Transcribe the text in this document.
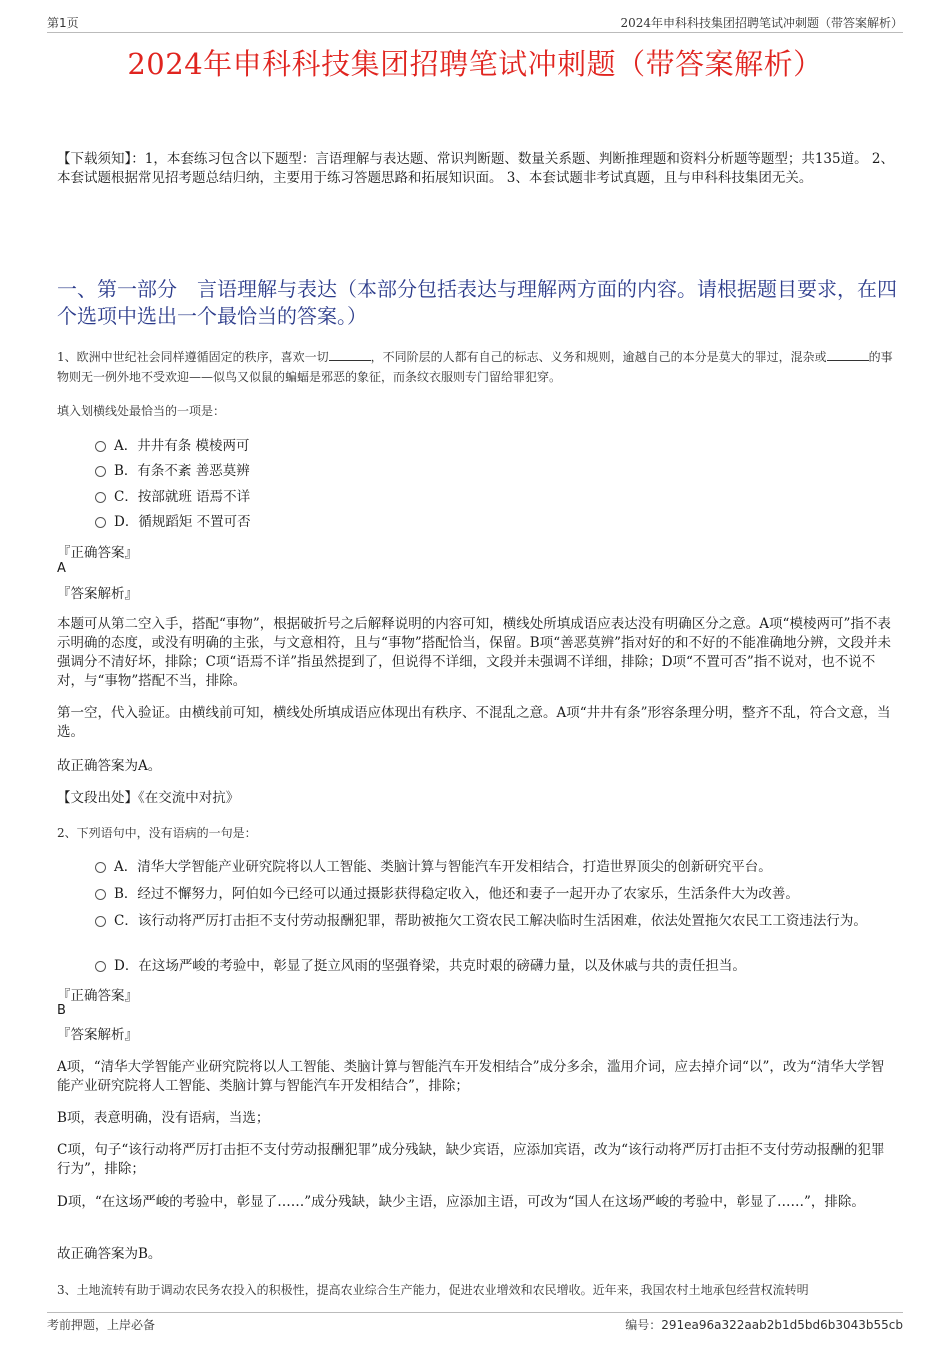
第1页	2024年申科科技集团招聘笔试冲刺题（带答案解析）
2024年申科科技集团招聘笔试冲刺题（带答案解析）
【下载须知】：1，本套练习包含以下题型：言语理解与表达题、常识判断题、数量关系题、判断推理题和资料分析题等题型；共135道。 2、本套试题根据常见招考题总结归纳，主要用于练习答题思路和拓展知识面。 3、本套试题非考试真题，且与申科科技集团无关。
一、第一部分　言语理解与表达（本部分包括表达与理解两方面的内容。请根据题目要求，在四个选项中选出一个最恰当的答案。）
1、欧洲中世纪社会同样遵循固定的秩序，喜欢一切	，不同阶层的人都有自己的标志、义务和规则，逾越自己的本分是莫大的罪过，混杂或	的事物则无一例外地不受欢迎——似鸟又似鼠的蝙蝠是邪恶的象征，而条纹衣服则专门留给罪犯穿。
填入划横线处最恰当的一项是：
A．井井有条 模棱两可
B．有条不紊 善恶莫辨
C．按部就班 语焉不详
D．循规蹈矩 不置可否
『正确答案』
A
『答案解析』
本题可从第二空入手，搭配“事物”，根据破折号之后解释说明的内容可知，横线处所填成语应表达没有明确区分之意。A项“模棱两可”指不表示明确的态度，或没有明确的主张，与文意相符，且与“事物”搭配恰当，保留。B项“善恶莫辨”指对好的和不好的不能准确地分辨，文段并未强调分不清好坏，排除；C项“语焉不详”指虽然提到了，但说得不详细，文段并未强调不详细，排除；D项“不置可否”指不说对，也不说不对，与“事物”搭配不当，排除。
第一空，代入验证。由横线前可知，横线处所填成语应体现出有秩序、不混乱之意。A项“井井有条”形容条理分明，整齐不乱，符合文意，当选。
故正确答案为A。
【文段出处】《在交流中对抗》
2、下列语句中，没有语病的一句是：
A．清华大学智能产业研究院将以人工智能、类脑计算与智能汽车开发相结合，打造世界顶尖的创新研究平台。
B．经过不懈努力，阿伯如今已经可以通过摄影获得稳定收入，他还和妻子一起开办了农家乐，生活条件大为改善。
C．该行动将严厉打击拒不支付劳动报酬犯罪，帮助被拖欠工资农民工解决临时生活困难，依法处置拖欠农民工工资违法行为。
D．在这场严峻的考验中，彰显了挺立风雨的坚强脊梁，共克时艰的磅礴力量，以及休戚与共的责任担当。
『正确答案』
B
『答案解析』
A项，“清华大学智能产业研究院将以人工智能、类脑计算与智能汽车开发相结合”成分多余，滥用介词，应去掉介词“以”，改为“清华大学智能产业研究院将人工智能、类脑计算与智能汽车开发相结合”，排除；
B项，表意明确，没有语病，当选；
C项，句子“该行动将严厉打击拒不支付劳动报酬犯罪”成分残缺，缺少宾语，应添加宾语，改为“该行动将严厉打击拒不支付劳动报酬的犯罪行为”，排除；
D项，“在这场严峻的考验中，彰显了……”成分残缺，缺少主语，应添加主语，可改为“国人在这场严峻的考验中，彰显了……”，排除。
故正确答案为B。
3、土地流转有助于调动农民务农投入的积极性，提高农业综合生产能力，促进农业增效和农民增收。近年来，我国农村土地承包经营权流转明
考前押题，上岸必备	编号：291ea96a322aab2b1d5bd6b3043b55cb
